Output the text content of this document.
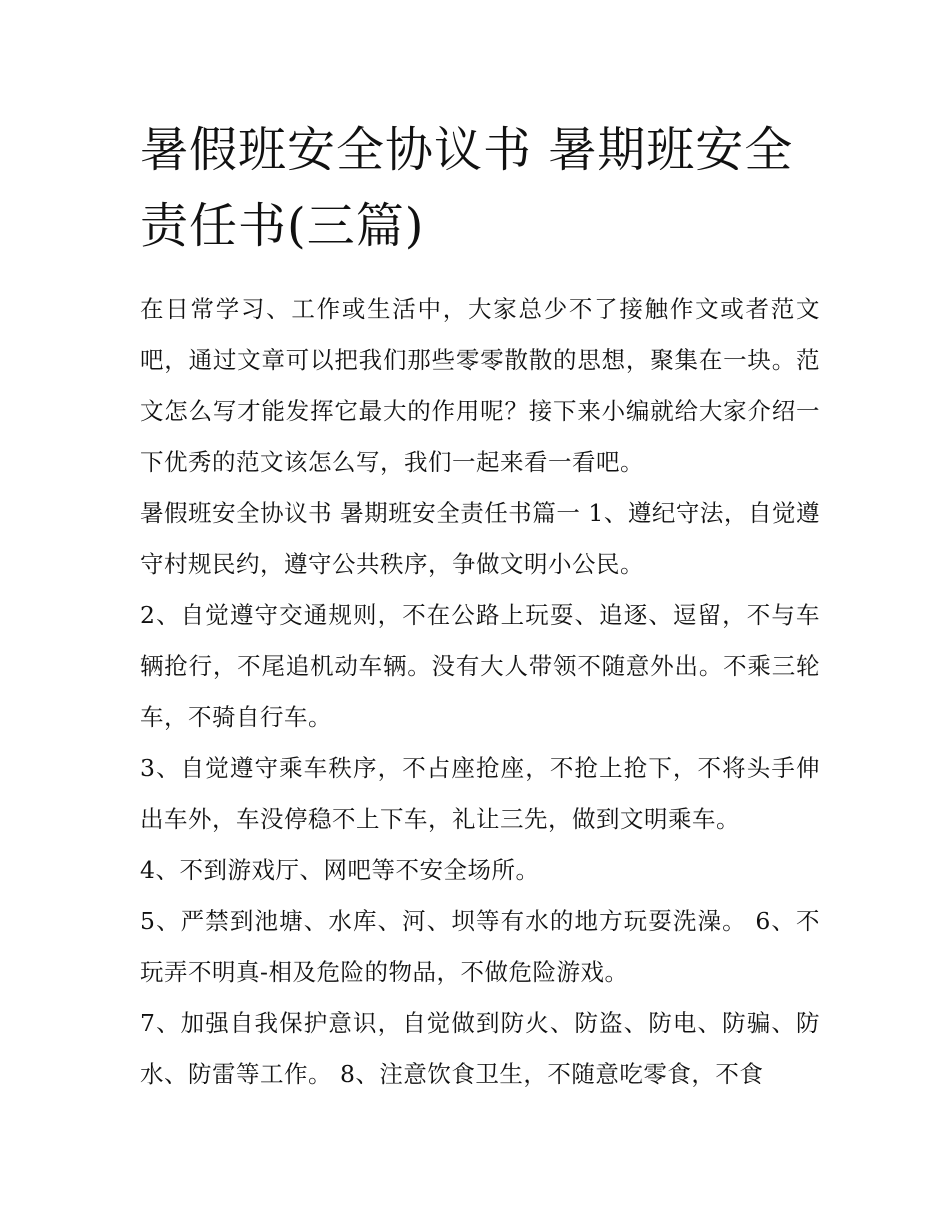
暑假班安全协议书 暑期班安全责任书(三篇)

在日常学习、工作或生活中，大家总少不了接触作文或者范文吧，通过文章可以把我们那些零零散散的思想，聚集在一块。范文怎么写才能发挥它最大的作用呢？接下来小编就给大家介绍一下优秀的范文该怎么写，我们一起来看一看吧。

暑假班安全协议书 暑期班安全责任书篇一 1、遵纪守法，自觉遵守村规民约，遵守公共秩序，争做文明小公民。

2、自觉遵守交通规则，不在公路上玩耍、追逐、逗留，不与车辆抢行，不尾追机动车辆。没有大人带领不随意外出。不乘三轮车，不骑自行车。

3、自觉遵守乘车秩序，不占座抢座，不抢上抢下，不将头手伸出车外，车没停稳不上下车，礼让三先，做到文明乘车。

4、不到游戏厅、网吧等不安全场所。

5、严禁到池塘、水库、河、坝等有水的地方玩耍洗澡。 6、不玩弄不明真-相及危险的物品，不做危险游戏。

7、加强自我保护意识，自觉做到防火、防盗、防电、防骗、防水、防雷等工作。 8、注意饮食卫生，不随意吃零食，不食
